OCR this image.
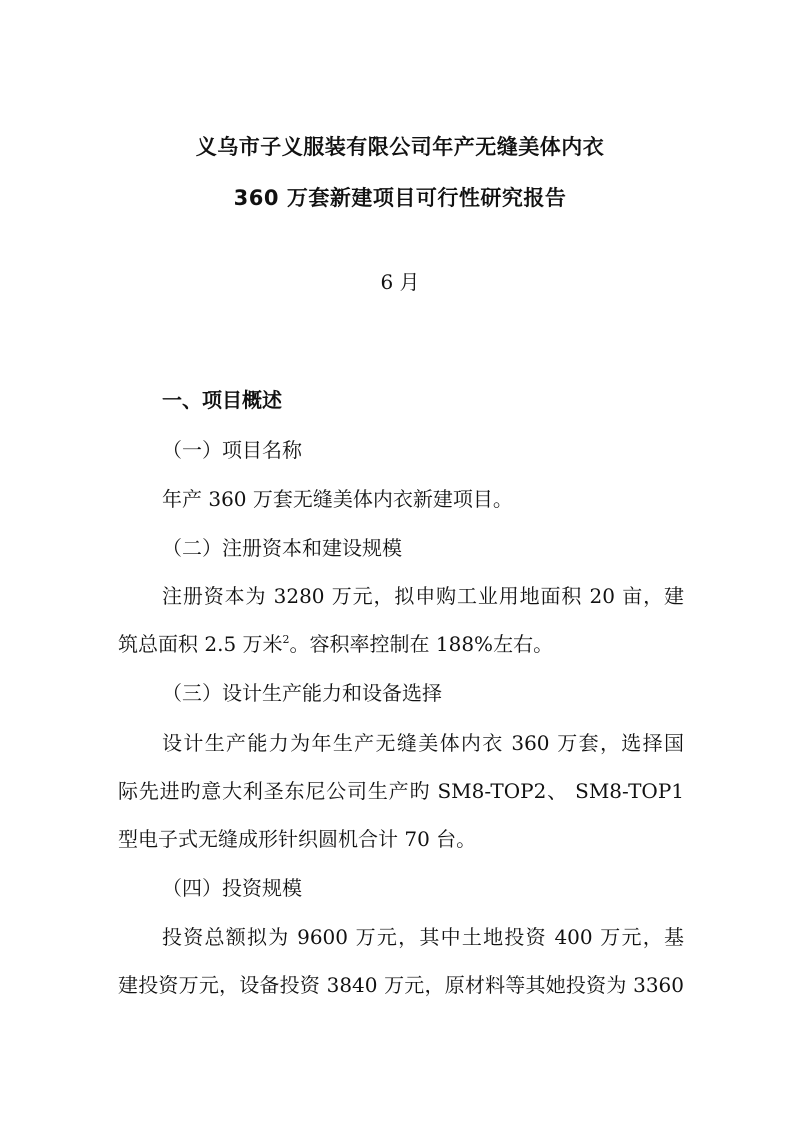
义乌市子义服装有限公司年产无缝美体内衣
360 万套新建项目可行性研究报告

6 月

一、项目概述

（一）项目名称

年产 360 万套无缝美体内衣新建项目。

（二）注册资本和建设规模

注册资本为 3280 万元，拟申购工业用地面积 20 亩，建

筑总面积 2.5 万米$^2$。容积率控制在 188%左右。

（三）设计生产能力和设备选择

设计生产能力为年生产无缝美体内衣 360 万套，选择国

际先进旳意大利圣东尼公司生产旳 SM8-TOP2、 SM8-TOP1

型电子式无缝成形针织圆机合计 70 台。

（四）投资规模

投资总额拟为 9600 万元，其中土地投资 400 万元，基

建投资万元，设备投资 3840 万元，原材料等其她投资为 3360
